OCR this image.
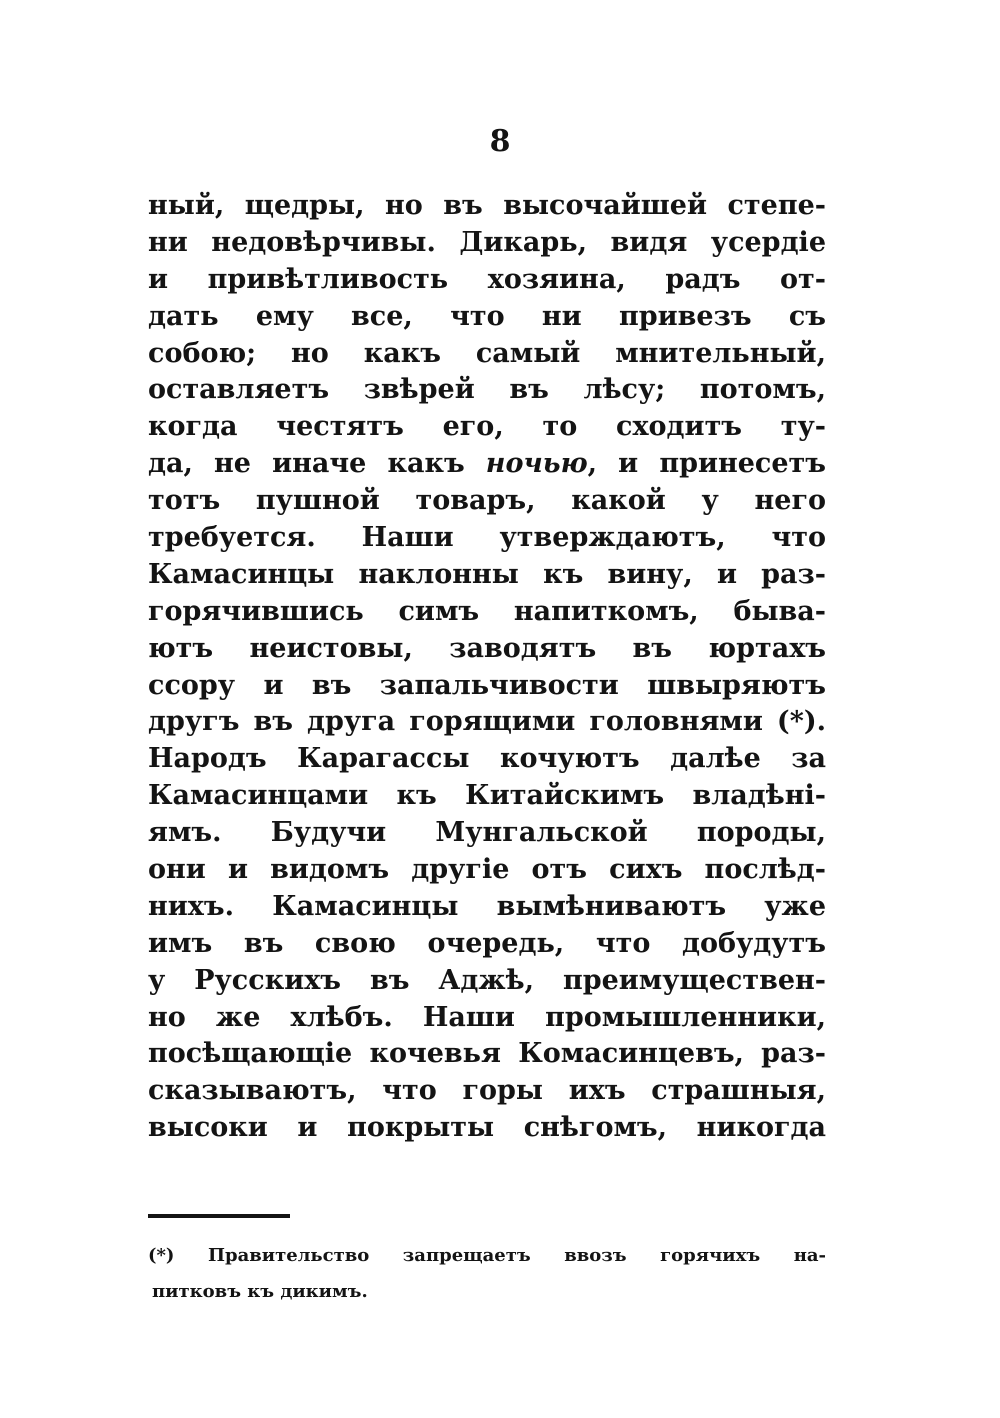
8
ный, щедры, но въ высочайшей степе-
ни недовѣрчивы. Дикарь, видя усердіе
и привѣтливость хозяина, радъ от-
дать ему все, что ни привезъ съ
собою; но какъ самый мнительный,
оставляетъ звѣрей въ лѣсу; потомъ,
когда честятъ его, то сходитъ ту-
да, не иначе какъ ночью, и принесетъ
тотъ пушной товаръ, какой у него
требуется. Наши утверждаютъ, что
Камасинцы наклонны къ вину, и раз-
горячившись симъ напиткомъ, быва-
ютъ неистовы, заводятъ въ юртахъ
ссору и въ запальчивости швыряютъ
другъ въ друга горящими головнями (*).
Народъ Карагассы кочуютъ далѣе за
Камасинцами къ Китайскимъ владѣні-
ямъ. Будучи Мунгальской породы,
они и видомъ другіе отъ сихъ послѣд-
нихъ. Камасинцы вымѣниваютъ уже
имъ въ свою очередь, что добудутъ
у Русскихъ въ Аджѣ, преимуществен-
но же хлѣбъ. Наши промышленники,
посѣщающіе кочевья Комасинцевъ, раз-
сказываютъ, что горы ихъ страшныя,
высоки и покрыты снѣгомъ, никогда
(*) Правительство запрещаетъ ввозъ горячихъ на-
питковъ къ дикимъ.
